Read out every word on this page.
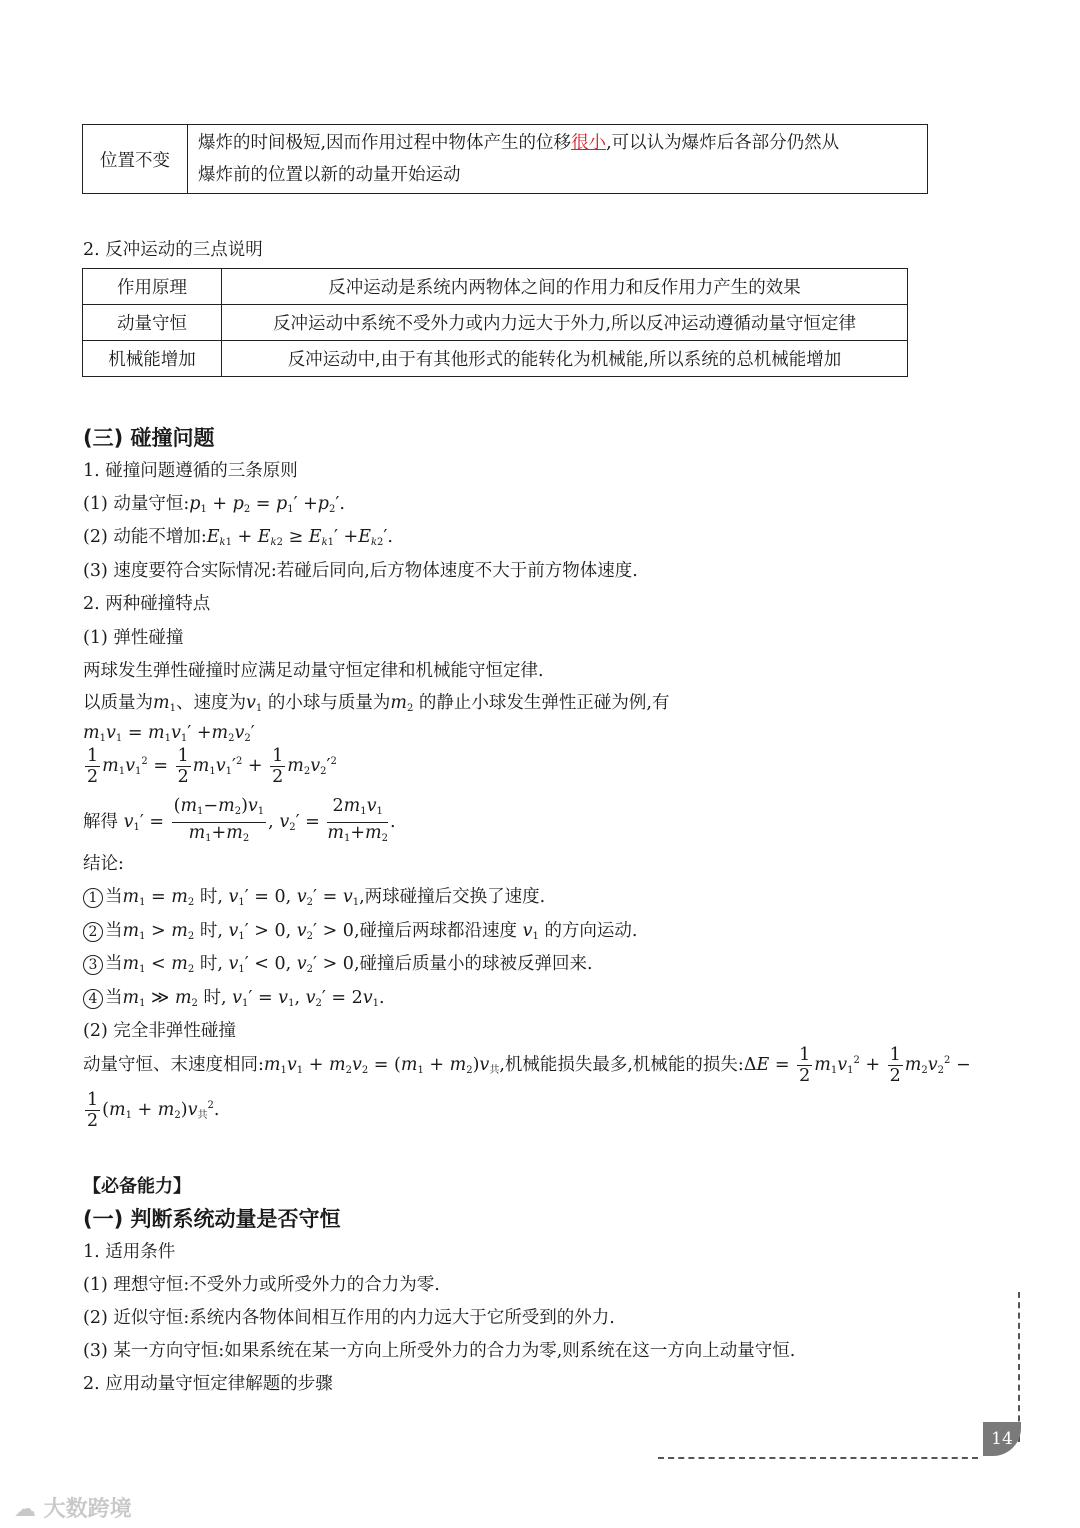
位置不变	爆炸的时间极短,因而作用过程中物体产生的位移很小,可以认为爆炸后各部分仍然从
爆炸前的位置以新的动量开始运动
2. 反冲运动的三点说明
作用原理	反冲运动是系统内两物体之间的作用力和反作用力产生的效果
动量守恒	反冲运动中系统不受外力或内力远大于外力,所以反冲运动遵循动量守恒定律
机械能增加	反冲运动中,由于有其他形式的能转化为机械能,所以系统的总机械能增加
(三) 碰撞问题
1. 碰撞问题遵循的三条原则
(1) 动量守恒$:p_1 + p_2 = p_1' +p_2'$.
(2) 动能不增加$:E_{k1} + E_{k2} \ge E_{k1}' +E_{k2}'$.
(3) 速度要符合实际情况:若碰后同向,后方物体速度不大于前方物体速度.
2. 两种碰撞特点
(1) 弹性碰撞
两球发生弹性碰撞时应满足动量守恒定律和机械能守恒定律.
以质量为$m_1$、速度为$v_1$ 的小球与质量为$m_2$ 的静止小球发生弹性正碰为例,有
$m_1v_1 = m_1v_1' +m_2v_2'$
$\frac{1}{2} m_1v_1^2 = \frac{1}{2} m_1v_1'^2 + \frac{1}{2} m_2v_2'^2$
解得 $v_1' = \frac{(m_1-m_2)v_1}{m_1+m_2}$ , $v_2' = \frac{2m_1v_1}{m_1+m_2}$ .
结论:
1 当$m_1 = m_2$ 时, $v_1' = 0$, $v_2' = v_1$,两球碰撞后交换了速度.
2 当$m_1 > m_2$ 时, $v_1' > 0$, $v_2' > 0$,碰撞后两球都沿速度 $v_1$ 的方向运动.
3 当$m_1 < m_2$ 时, $v_1' < 0$, $v_2' > 0$,碰撞后质量小的球被反弹回来.
4 当$m_1$ ≫ $m_2$ 时, $v_1' = v_1$, $v_2' = 2v_1$.
(2) 完全非弹性碰撞
动量守恒、末速度相同$:m_1v_1 + m_2v_2 = (m_1 + m_2)v_共$,机械能损失最多,机械能的损失:ΔE = $\frac{1}{2} m_1v_1^2 + \frac{1}{2} m_2v_2^2$ −
$\frac{1}{2} (m_1 + m_2)v_共^2$.
【必备能力】
(一) 判断系统动量是否守恒
1. 适用条件
(1) 理想守恒:不受外力或所受外力的合力为零.
(2) 近似守恒:系统内各物体间相互作用的内力远大于它所受到的外力.
(3) 某一方向守恒:如果系统在某一方向上所受外力的合力为零,则系统在这一方向上动量守恒.
2. 应用动量守恒定律解题的步骤
14
☁ 大数跨境
